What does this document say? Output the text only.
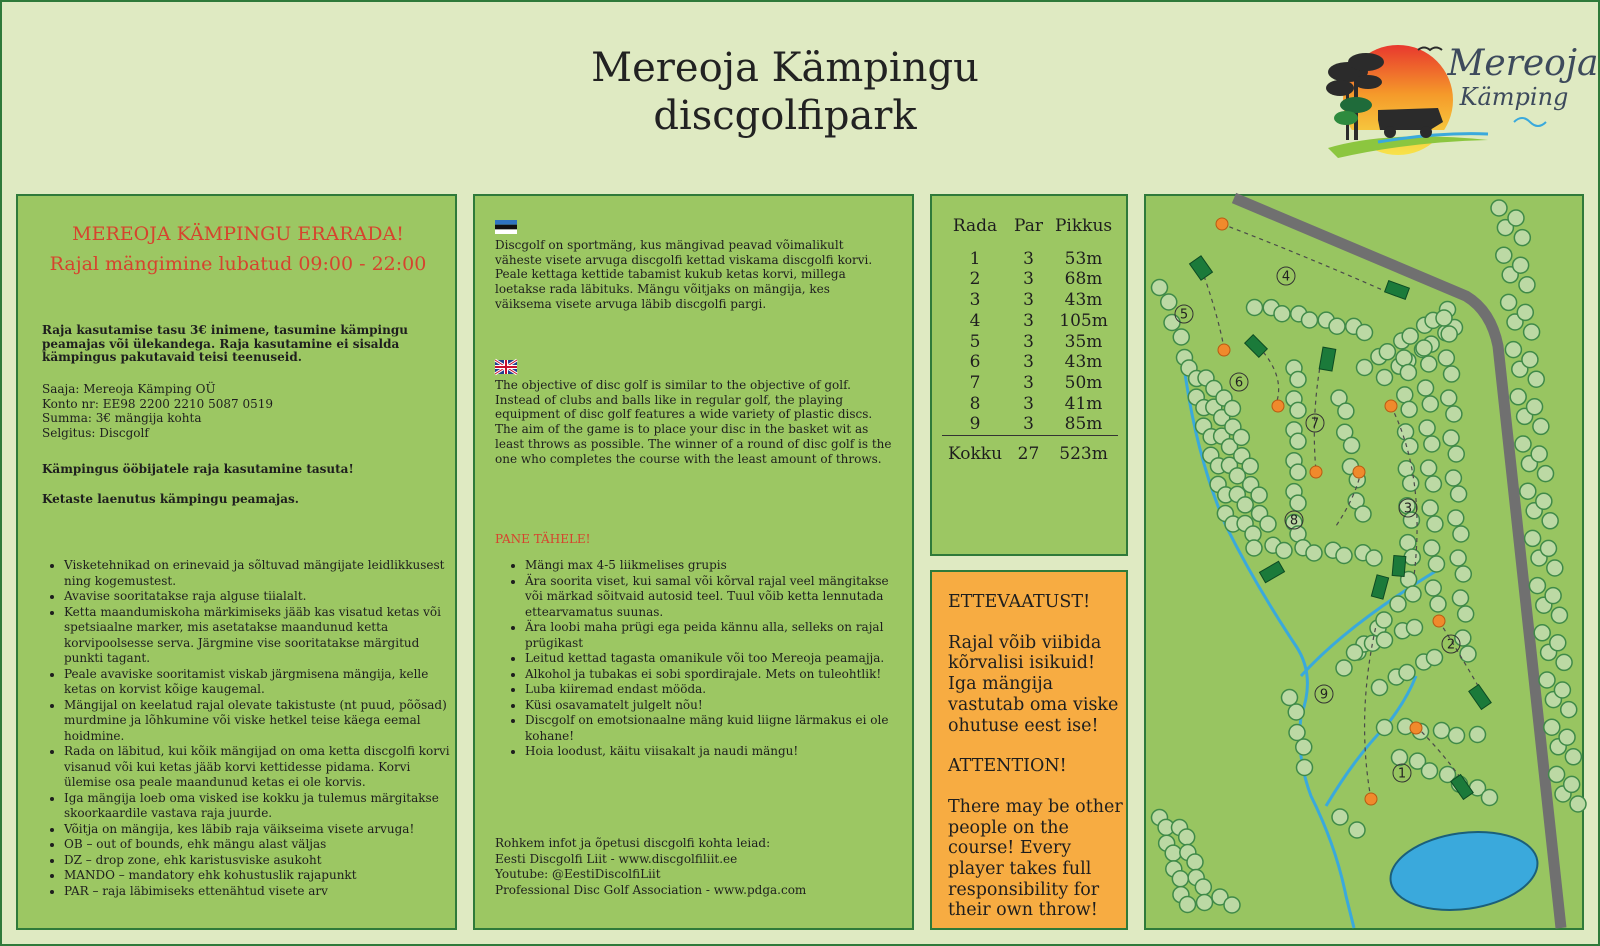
Mereoja Kämpingu
discgolfipark
Mereoja
Kämping
MEREOJA KÄMPINGU ERARADA!
Rajal mängimine lubatud 09:00 - 22:00
Raja kasutamise tasu 3€ inimene, tasumine kämpingu peamajas või ülekandega. Raja kasutamine ei sisalda kämpingus pakutavaid teisi teenuseid.
Saaja: Mereoja Kämping OÜ
Konto nr: EE98 2200 2210 5087 0519
Summa: 3€ mängija kohta
Selgitus: Discgolf
Kämpingus ööbijatele raja kasutamine tasuta!
Ketaste laenutus kämpingu peamajas.
• Visketehnikad on erinevaid ja sõltuvad mängijate leidlikkusest ning kogemustest.
• Avavise sooritatakse raja alguse tiialalt.
• Ketta maandumiskoha märkimiseks jääb kas visatud ketas või spetsiaalne marker, mis asetatakse maandunud ketta korvipoolsesse serva. Järgmine vise sooritatakse märgitud punkti tagant.
• Peale avaviske sooritamist viskab järgmisena mängija, kelle ketas on korvist kõige kaugemal.
• Mängijal on keelatud rajal olevate takistuste (nt puud, põõsad) murdmine ja lõhkumine või viske hetkel teise käega eemal hoidmine.
• Rada on läbitud, kui kõik mängijad on oma ketta discgolfi korvi visanud või kui ketas jääb korvi kettidesse pidama. Korvi ülemise osa peale maandunud ketas ei ole korvis.
• Iga mängija loeb oma visked ise kokku ja tulemus märgitakse skoorkaardile vastava raja juurde.
• Võitja on mängija, kes läbib raja väikseima visete arvuga!
• OB – out of bounds, ehk mängu alast väljas
• DZ – drop zone, ehk karistusviske asukoht
• MANDO – mandatory ehk kohustuslik rajapunkt
• PAR – raja läbimiseks ettenähtud visete arv
Discgolf on sportmäng, kus mängivad peavad võimalikult väheste visete arvuga discgolfi kettad viskama discgolfi korvi. Peale kettaga kettide tabamist kukub ketas korvi, millega loetakse rada läbituks. Mängu võitjaks on mängija, kes väiksema visete arvuga läbib discgolfi pargi.
The objective of disc golf is similar to the objective of golf. Instead of clubs and balls like in regular golf, the playing equipment of disc golf features a wide variety of plastic discs. The aim of the game is to place your disc in the basket wit as least throws as possible. The winner of a round of disc golf is the one who completes the course with the least amount of throws.
PANE TÄHELE!
• Mängi max 4-5 liikmelises grupis
• Ära soorita viset, kui samal või kõrval rajal veel mängitakse või märkad sõitvaid autosid teel. Tuul võib ketta lennutada ettearvamatus suunas.
• Ära loobi maha prügi ega peida kännu alla, selleks on rajal prügikast
• Leitud kettad tagasta omanikule või too Mereoja peamajja.
• Alkohol ja tubakas ei sobi spordirajale. Mets on tuleohtlik!
• Luba kiiremad endast mööda.
• Küsi osavamatelt julgelt nõu!
• Discgolf on emotsionaalne mäng kuid liigne lärmakus ei ole kohane!
• Hoia loodust, käitu viisakalt ja naudi mängu!
Rohkem infot ja õpetusi discgolfi kohta leiad:
Eesti Discgolfi Liit - www.discgolfiliit.ee
Youtube: @EestiDiscolfiLiit
Professional Disc Golf Association - www.pdga.com
Rada	Par	Pikkus

1	3	53m
2	3	68m
3	3	43m
4	3	105m
5	3	35m
6	3	43m
7	3	50m
8	3	41m
9	3	85m

Kokku	27	523m
ETTEVAATUST!
Rajal võib viibida kõrvalisi isikuid! Iga mängija vastutab oma viske ohutuse eest ise!
ATTENTION!
There may be other people on the course! Every player takes full responsibility for their own throw!
1
2
3
4
5
6
7
8
9
